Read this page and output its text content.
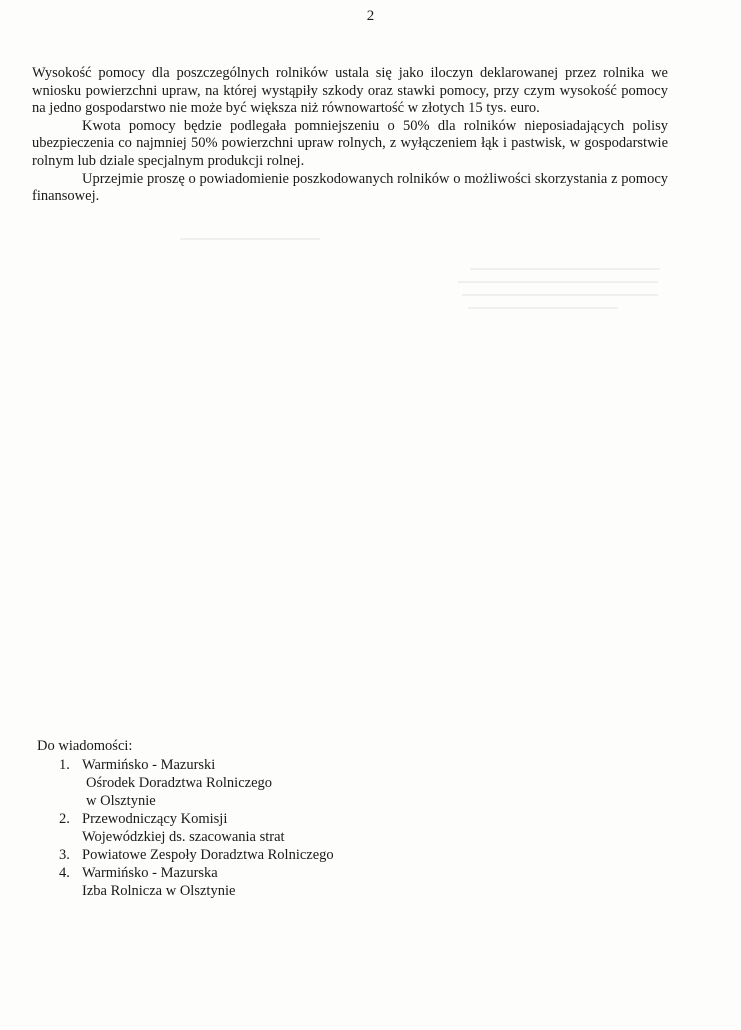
2

Wysokość pomocy dla poszczególnych rolników ustala się jako iloczyn deklarowanej przez rolnika we wniosku powierzchni upraw, na której wystąpiły szkody oraz stawki pomocy, przy czym wysokość pomocy na jedno gospodarstwo nie może być większa niż równowartość w złotych 15 tys. euro.

Kwota pomocy będzie podlegała pomniejszeniu o 50% dla rolników nieposiadających polisy ubezpieczenia co najmniej 50% powierzchni upraw rolnych, z wyłączeniem łąk i pastwisk, w gospodarstwie rolnym lub dziale specjalnym produkcji rolnej.

Uprzejmie proszę o powiadomienie poszkodowanych rolników o możliwości skorzystania z pomocy finansowej.

Do wiadomości:
1. Warmińsko - Mazurski
Ośrodek Doradztwa Rolniczego
w Olsztynie
2. Przewodniczący Komisji
Wojewódzkiej ds. szacowania strat
3. Powiatowe Zespoły Doradztwa Rolniczego
4. Warmińsko - Mazurska
Izba Rolnicza w Olsztynie
